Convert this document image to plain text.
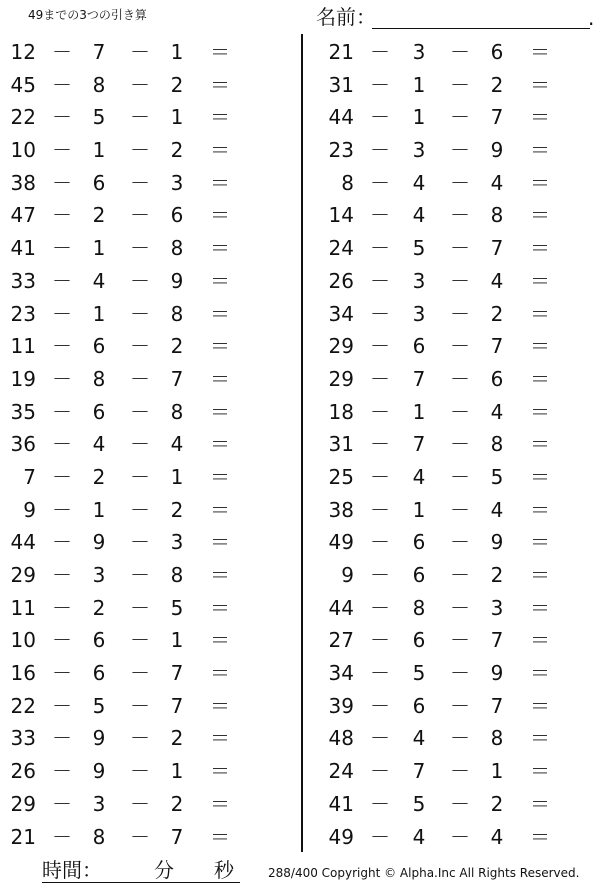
49までの3つの引き算	名前：	.
12 － 7 － 1 ＝
45 － 8 － 2 ＝
22 － 5 － 1 ＝
10 － 1 － 2 ＝
38 － 6 － 3 ＝
47 － 2 － 6 ＝
41 － 1 － 8 ＝
33 － 4 － 9 ＝
23 － 1 － 8 ＝
11 － 6 － 2 ＝
19 － 8 － 7 ＝
35 － 6 － 8 ＝
36 － 4 － 4 ＝
7 － 2 － 1 ＝
9 － 1 － 2 ＝
44 － 9 － 3 ＝
29 － 3 － 8 ＝
11 － 2 － 5 ＝
10 － 6 － 1 ＝
16 － 6 － 7 ＝
22 － 5 － 7 ＝
33 － 9 － 2 ＝
26 － 9 － 1 ＝
29 － 3 － 2 ＝
21 － 8 － 7 ＝
21 － 3 － 6 ＝
31 － 1 － 2 ＝
44 － 1 － 7 ＝
23 － 3 － 9 ＝
8 － 4 － 4 ＝
14 － 4 － 8 ＝
24 － 5 － 7 ＝
26 － 3 － 4 ＝
34 － 3 － 2 ＝
29 － 6 － 7 ＝
29 － 7 － 6 ＝
18 － 1 － 4 ＝
31 － 7 － 8 ＝
25 － 4 － 5 ＝
38 － 1 － 4 ＝
49 － 6 － 9 ＝
9 － 6 － 2 ＝
44 － 8 － 3 ＝
27 － 6 － 7 ＝
34 － 5 － 9 ＝
39 － 6 － 7 ＝
48 － 4 － 8 ＝
24 － 7 － 1 ＝
41 － 5 － 2 ＝
49 － 4 － 4 ＝
時間：	分 秒	288/400 Copyright © Alpha.Inc All Rights Reserved.
